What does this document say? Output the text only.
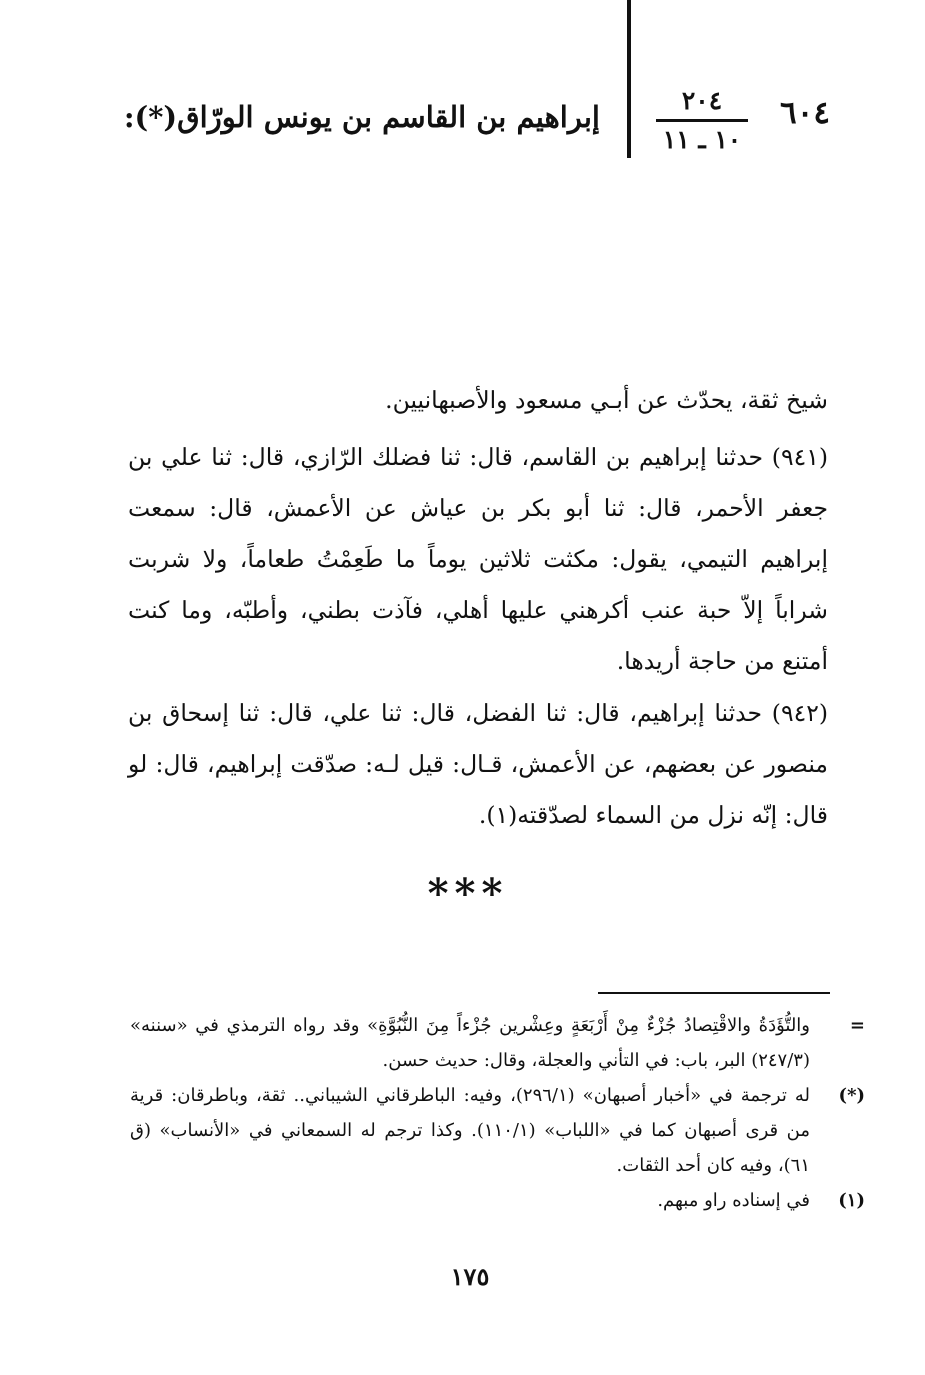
٦٠٤
٢٠٤
١٠ ـ ١١
إبراهيم بن القاسم بن يونس الورّاق(*):
شيخ ثقة، يحدّث عن أبـي مسعود والأصبهانيين.
(٩٤١) حدثنا إبراهيم بن القاسم، قال: ثنا فضلك الرّازي، قال: ثنا علي بن جعفر الأحمر، قال: ثنا أبو بكر بن عياش عن الأعمش، قال: سمعت إبراهيم التيمي، يقول: مكثت ثلاثين يوماً ما طَعِمْتُ طعاماً، ولا شربت شراباً إلاّ حبة عنب أكرهني عليها أهلي، فآذت بطني، وأطبّه، وما كنت أمتنع من حاجة أريدها.
(٩٤٢) حدثنا إبراهيم، قال: ثنا الفضل، قال: ثنا علي، قال: ثنا إسحاق بن منصور عن بعضهم، عن الأعمش، قـال: قيل لـه: صدّقت إبراهيم، قال: لو قال: إنّه نزل من السماء لصدّقته(١).
***
=
والتُّؤَدَةُ والاقْتِصادُ جُزْءٌ مِنْ أَرْبَعَةٍ وعِشْرين جُزْءاً مِنَ النُّبُوَّةِ» وقد رواه الترمذي في «سننه» (٢٤٧/٣) البر، باب: في التأني والعجلة، وقال: حديث حسن.
(*)
له ترجمة في «أخبار أصبهان» (٢٩٦/١)، وفيه: الباطرقاني الشيباني.. ثقة، وباطرقان: قرية من قرى أصبهان كما في «اللباب» (١١٠/١). وكذا ترجم له السمعاني في «الأنساب» (ق ٦١)، وفيه كان أحد الثقات.
(١)
في إسناده راو مبهم.
١٧٥
